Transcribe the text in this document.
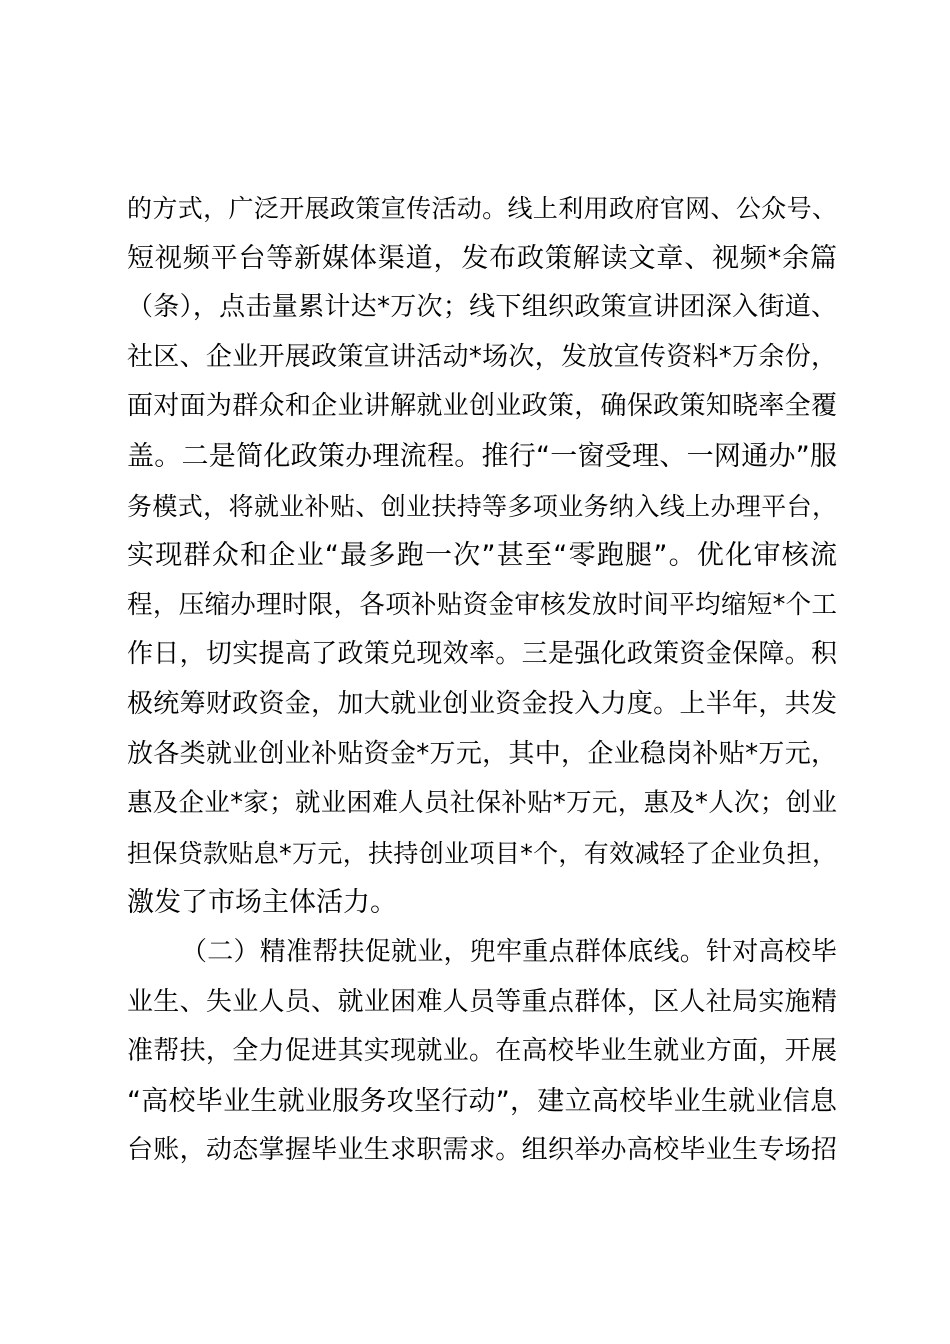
的方式，广泛开展政策宣传活动。线上利用政府官网、公众号、
短视频平台等新媒体渠道，发布政策解读文章、视频*余篇
（条），点击量累计达*万次；线下组织政策宣讲团深入街道、
社区、企业开展政策宣讲活动*场次，发放宣传资料*万余份，
面对面为群众和企业讲解就业创业政策，确保政策知晓率全覆
盖。二是简化政策办理流程。推行“一窗受理、一网通办”服
务模式，将就业补贴、创业扶持等多项业务纳入线上办理平台，
实现群众和企业“最多跑一次”甚至“零跑腿”。优化审核流
程，压缩办理时限，各项补贴资金审核发放时间平均缩短*个工
作日，切实提高了政策兑现效率。三是强化政策资金保障。积
极统筹财政资金，加大就业创业资金投入力度。上半年，共发
放各类就业创业补贴资金*万元，其中，企业稳岗补贴*万元，
惠及企业*家；就业困难人员社保补贴*万元，惠及*人次；创业
担保贷款贴息*万元，扶持创业项目*个，有效减轻了企业负担，
激发了市场主体活力。
（二）精准帮扶促就业，兜牢重点群体底线。针对高校毕
业生、失业人员、就业困难人员等重点群体，区人社局实施精
准帮扶，全力促进其实现就业。在高校毕业生就业方面，开展
“高校毕业生就业服务攻坚行动”，建立高校毕业生就业信息
台账，动态掌握毕业生求职需求。组织举办高校毕业生专场招
